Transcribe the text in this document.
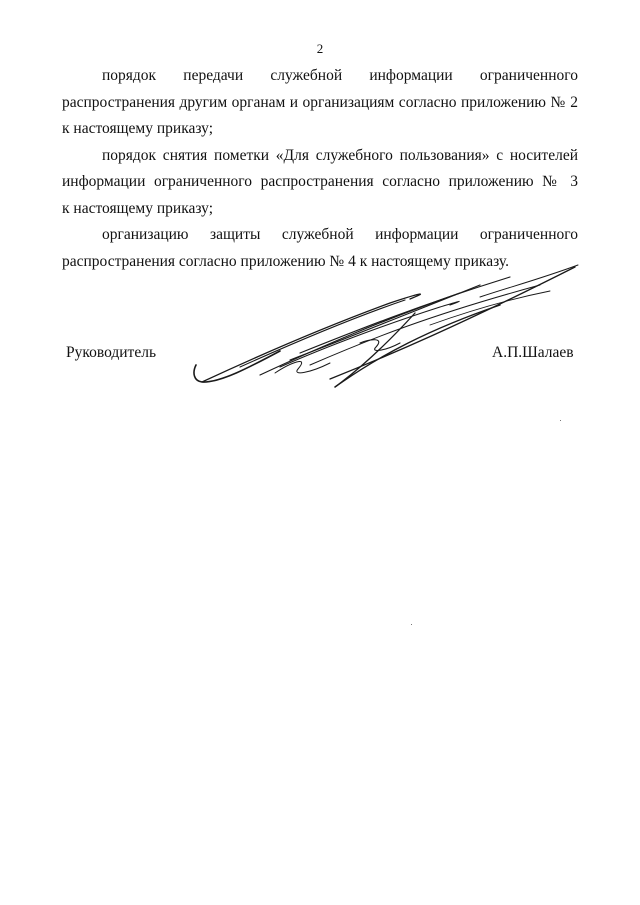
2
порядок передачи служебной информации ограниченного
распространения другим органам и организациям согласно приложению № 2
к настоящему приказу;
порядок снятия пометки «Для служебного пользования» с носителей
информации ограниченного распространения согласно приложению № 3
к настоящему приказу;
организацию защиты служебной информации ограниченного
распространения согласно приложению № 4 к настоящему приказу.
Руководитель	А.П.Шалаев
